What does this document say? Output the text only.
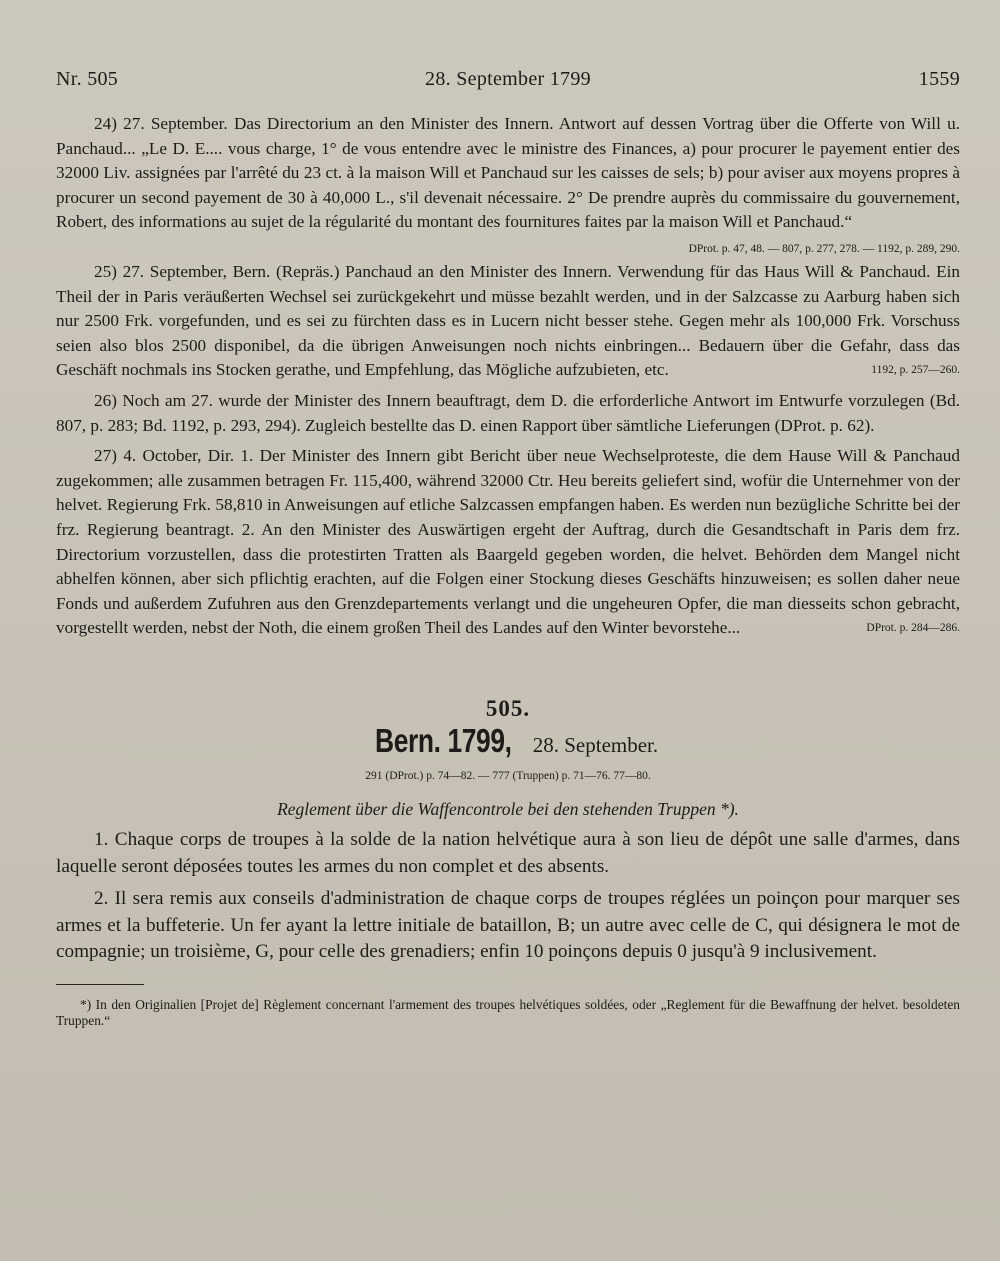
Nr. 505	28. September 1799	1559

24) 27. September. Das Directorium an den Minister des Innern. Antwort auf dessen Vortrag über die Offerte von Will u. Panchaud... „Le D. E.... vous charge, 1° de vous entendre avec le ministre des Finances, a) pour procurer le payement entier des 32000 Liv. assignées par l'arrêté du 23 ct. à la maison Will et Panchaud sur les caisses de sels; b) pour aviser aux moyens propres à procurer un second payement de 30 à 40,000 L., s'il devenait nécessaire. 2° De prendre auprès du commissaire du gouvernement, Robert, des informations au sujet de la régularité du montant des fournitures faites par la maison Will et Panchaud.“

DProt. p. 47, 48. — 807, p. 277, 278. — 1192, p. 289, 290.

25) 27. September, Bern. (Repräs.) Panchaud an den Minister des Innern. Verwendung für das Haus Will & Panchaud. Ein Theil der in Paris veräußerten Wechsel sei zurückgekehrt und müsse bezahlt werden, und in der Salzcasse zu Aarburg haben sich nur 2500 Frk. vorgefunden, und es sei zu fürchten dass es in Lucern nicht besser stehe. Gegen mehr als 100,000 Frk. Vorschuss seien also blos 2500 disponibel, da die übrigen Anweisungen noch nichts einbringen... Bedauern über die Gefahr, dass das Geschäft nochmals ins Stocken gerathe, und Empfehlung, das Mögliche aufzubieten, etc.	1192, p. 257—260.

26) Noch am 27. wurde der Minister des Innern beauftragt, dem D. die erforderliche Antwort im Entwurfe vorzulegen (Bd. 807, p. 283; Bd. 1192, p. 293, 294). Zugleich bestellte das D. einen Rapport über sämtliche Lieferungen (DProt. p. 62).

27) 4. October, Dir. 1. Der Minister des Innern gibt Bericht über neue Wechselproteste, die dem Hause Will & Panchaud zugekommen; alle zusammen betragen Fr. 115,400, während 32000 Ctr. Heu bereits geliefert sind, wofür die Unternehmer von der helvet. Regierung Frk. 58,810 in Anweisungen auf etliche Salzcassen empfangen haben. Es werden nun bezügliche Schritte bei der frz. Regierung beantragt. 2. An den Minister des Auswärtigen ergeht der Auftrag, durch die Gesandtschaft in Paris dem frz. Directorium vorzustellen, dass die protestirten Tratten als Baargeld gegeben worden, die helvet. Behörden dem Mangel nicht abhelfen können, aber sich pflichtig erachten, auf die Folgen einer Stockung dieses Geschäfts hinzuweisen; es sollen daher neue Fonds und außerdem Zufuhren aus den Grenzdepartements verlangt und die ungeheuren Opfer, die man diesseits schon gebracht, vorgestellt werden, nebst der Noth, die einem großen Theil des Landes auf den Winter bevorstehe...	DProt. p. 284—286.

505.
Bern. 1799, 28. September.
291 (DProt.) p. 74—82. — 777 (Truppen) p. 71—76. 77—80.
Reglement über die Waffencontrole bei den stehenden Truppen *).

1. Chaque corps de troupes à la solde de la nation helvétique aura à son lieu de dépôt une salle d'armes, dans laquelle seront déposées toutes les armes du non complet et des absents.

2. Il sera remis aux conseils d'administration de chaque corps de troupes réglées un poinçon pour marquer ses armes et la buffeterie. Un fer ayant la lettre initiale de bataillon, B; un autre avec celle de C, qui désignera le mot de compagnie; un troisième, G, pour celle des grenadiers; enfin 10 poinçons depuis 0 jusqu'à 9 inclusivement.

*) In den Originalien [Projet de] Règlement concernant l'armement des troupes helvétiques soldées, oder „Reglement für die Bewaffnung der helvet. besoldeten Truppen.“
